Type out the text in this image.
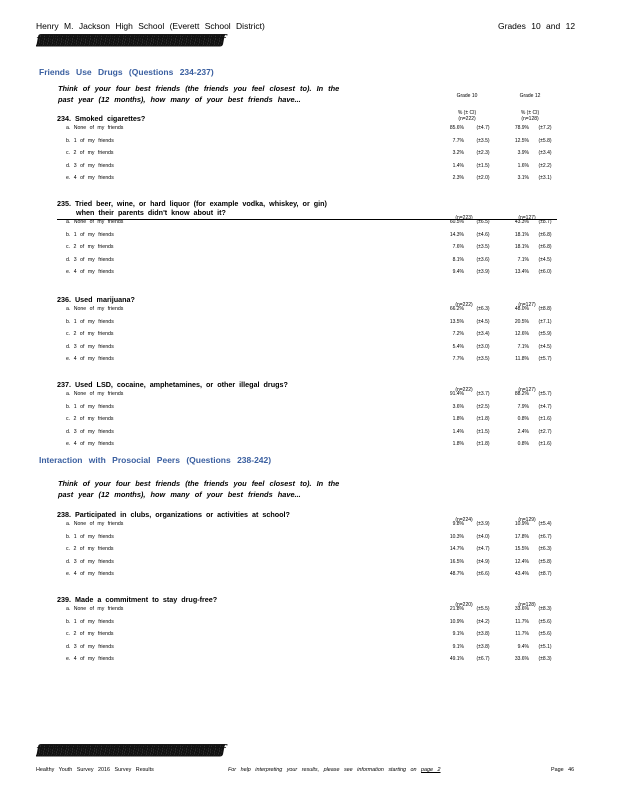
Henry M. Jackson High School (Everett School District)	Grades 10 and 12
ƒƒƒƒƒƒƒƒƒƒƒƒƒƒƒƒƒƒƒƒƒƒƒƒƒƒƒƒƒƒƒƒƒƒƒƒƒƒƒƒƒƒƒƒƒƒƒƒƒƒƒƒƒƒƒƒƒƒƒƒƒƒƒƒƒƒƒƒƒƒƒƒƒƒƒƒƒƒƒƒƒƒƒƒƒ
Friends Use Drugs (Questions 234-237)
Think of your four best friends (the friends you feel closest to). In the
past year (12 months), how many of your best friends have...	Grade 10	Grade 12
% (± CI)
(n=222)
% (± CI)
(n=128)
Interaction with Prosocial Peers (Questions 238-242)
Think of your four best friends (the friends you feel closest to). In the
past year (12 months), how many of your best friends have...
234. Smoked cigarettes?
a. None of my friends	85.6%	(±4.7)	78.9%	(±7.2)
b. 1 of my friends	7.7%	(±3.5)	12.5%	(±5.8)
c. 2 of my friends	3.2%	(±2.3)	3.9%	(±3.4)
d. 3 of my friends	1.4%	(±1.5)	1.6%	(±2.2)
e. 4 of my friends	2.3%	(±2.0)	3.1%	(±3.1)
235. Tried beer, wine, or hard liquor (for example vodka, whiskey, or gin)
when their parents didn't know about it?
(n=223)	(n=127)
a. None of my friends	60.5%	(±6.5)	43.3%	(±8.7)
b. 1 of my friends	14.3%	(±4.6)	18.1%	(±6.8)
c. 2 of my friends	7.6%	(±3.5)	18.1%	(±6.8)
d. 3 of my friends	8.1%	(±3.6)	7.1%	(±4.5)
e. 4 of my friends	9.4%	(±3.9)	13.4%	(±6.0)
236. Used marijuana?
(n=222)	(n=127)
a. None of my friends	66.2%	(±6.3)	48.0%	(±8.8)
b. 1 of my friends	13.5%	(±4.5)	20.5%	(±7.1)
c. 2 of my friends	7.2%	(±3.4)	12.6%	(±5.9)
d. 3 of my friends	5.4%	(±3.0)	7.1%	(±4.5)
e. 4 of my friends	7.7%	(±3.5)	11.8%	(±5.7)
237. Used LSD, cocaine, amphetamines, or other illegal drugs?
(n=222)	(n=127)
a. None of my friends	91.4%	(±3.7)	88.2%	(±5.7)
b. 1 of my friends	3.6%	(±2.5)	7.9%	(±4.7)
c. 2 of my friends	1.8%	(±1.8)	0.8%	(±1.6)
d. 3 of my friends	1.4%	(±1.5)	2.4%	(±2.7)
e. 4 of my friends	1.8%	(±1.8)	0.8%	(±1.6)
238. Participated in clubs, organizations or activities at school?
(n=224)	(n=129)
a. None of my friends	9.8%	(±3.9)	10.9%	(±5.4)
b. 1 of my friends	10.3%	(±4.0)	17.8%	(±6.7)
c. 2 of my friends	14.7%	(±4.7)	15.5%	(±6.3)
d. 3 of my friends	16.5%	(±4.9)	12.4%	(±5.8)
e. 4 of my friends	48.7%	(±6.6)	43.4%	(±8.7)
239. Made a commitment to stay drug-free?
(n=220)	(n=128)
a. None of my friends	21.8%	(±5.5)	33.6%	(±8.3)
b. 1 of my friends	10.9%	(±4.2)	11.7%	(±5.6)
c. 2 of my friends	9.1%	(±3.8)	11.7%	(±5.6)
d. 3 of my friends	9.1%	(±3.8)	9.4%	(±5.1)
e. 4 of my friends	49.1%	(±6.7)	33.6%	(±8.3)
ƒƒƒƒƒƒƒƒƒƒƒƒƒƒƒƒƒƒƒƒƒƒƒƒƒƒƒƒƒƒƒƒƒƒƒƒƒƒƒƒƒƒƒƒƒƒƒƒƒƒƒƒƒƒƒƒƒƒƒƒƒƒƒƒƒƒƒƒƒƒƒƒƒƒƒƒƒƒƒƒƒƒƒƒƒ
Healthy Youth Survey 2016 Survey Results	For help interpreting your results, please see information starting on page 2	Page 46
